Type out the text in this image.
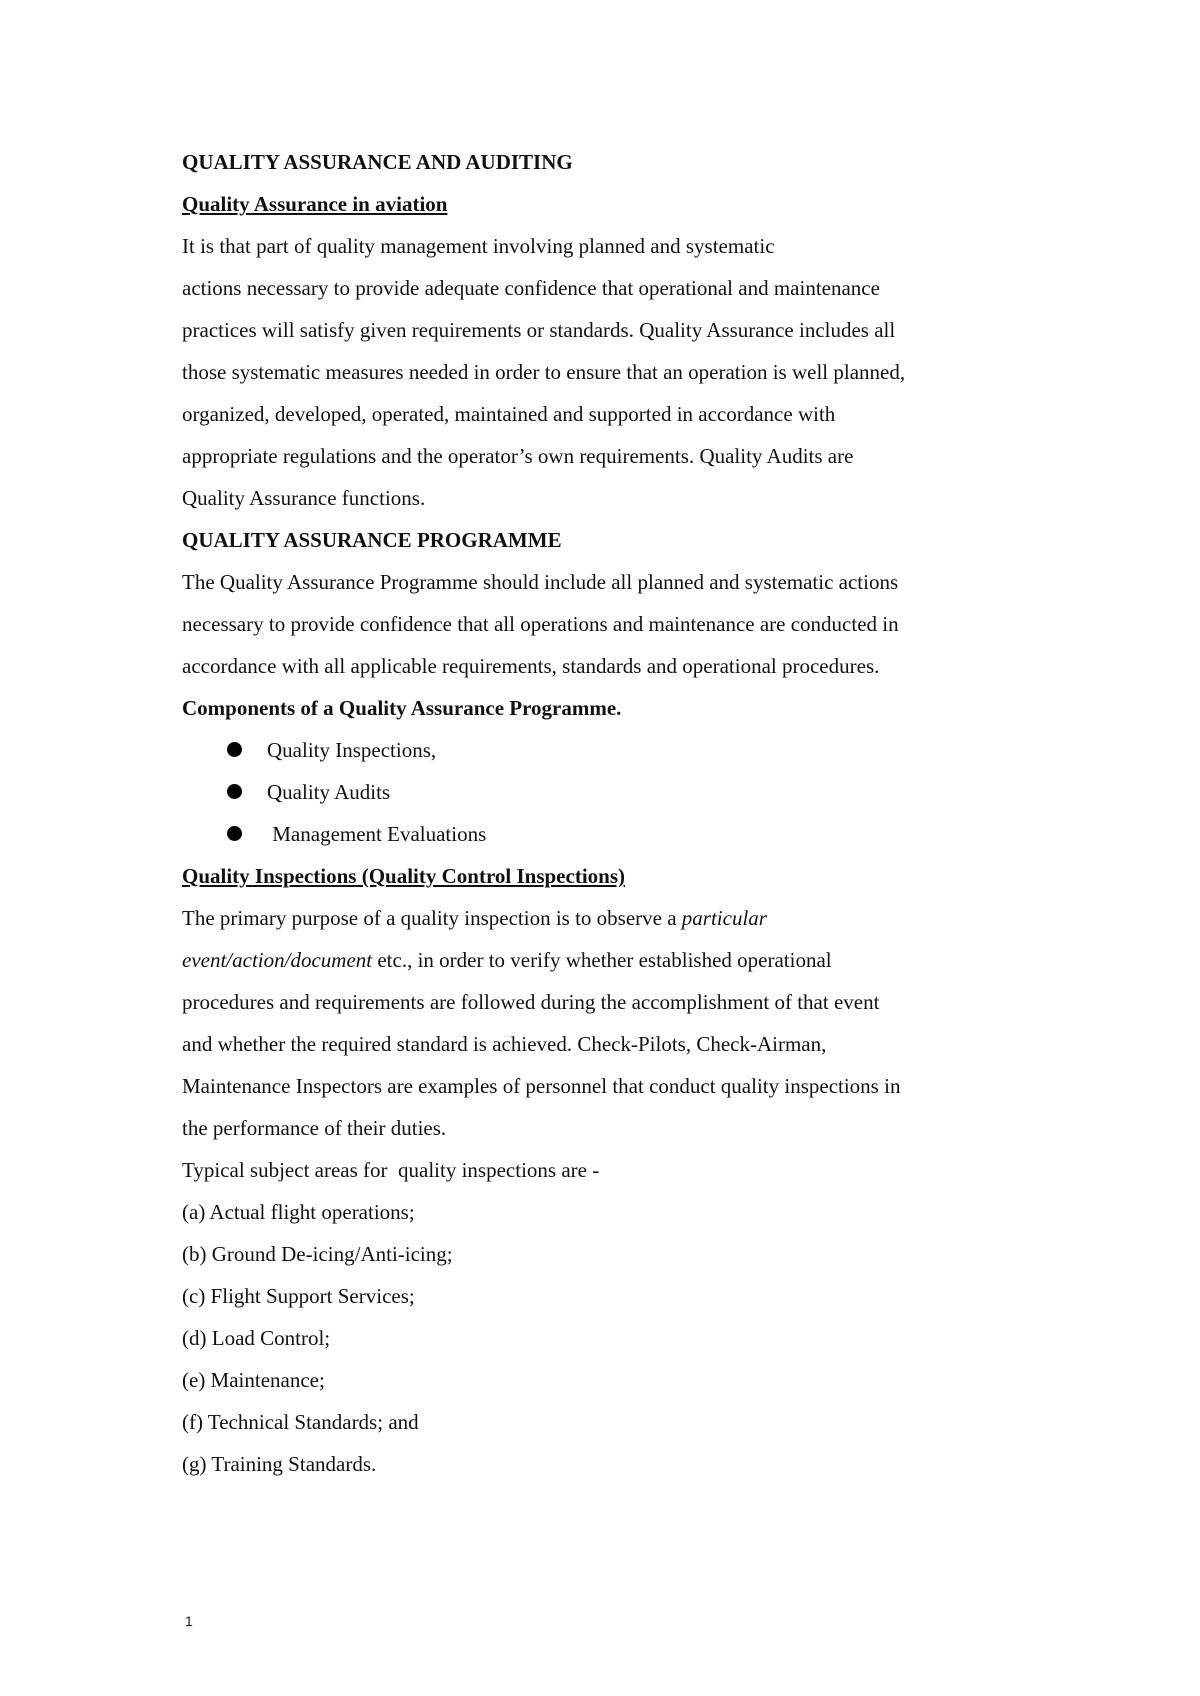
QUALITY ASSURANCE AND AUDITING
Quality Assurance in aviation
It is that part of quality management involving planned and systematic
actions necessary to provide adequate confidence that operational and maintenance
practices will satisfy given requirements or standards. Quality Assurance includes all
those systematic measures needed in order to ensure that an operation is well planned,
organized, developed, operated, maintained and supported in accordance with
appropriate regulations and the operator’s own requirements. Quality Audits are
Quality Assurance functions.
QUALITY ASSURANCE PROGRAMME
The Quality Assurance Programme should include all planned and systematic actions
necessary to provide confidence that all operations and maintenance are conducted in
accordance with all applicable requirements, standards and operational procedures.
Components of a Quality Assurance Programme.
Quality Inspections,
Quality Audits
Management Evaluations
Quality Inspections (Quality Control Inspections)
The primary purpose of a quality inspection is to observe a particular
event/action/document etc., in order to verify whether established operational
procedures and requirements are followed during the accomplishment of that event
and whether the required standard is achieved. Check-Pilots, Check-Airman,
Maintenance Inspectors are examples of personnel that conduct quality inspections in
the performance of their duties.
Typical subject areas for  quality inspections are -
(a) Actual flight operations;
(b) Ground De-icing/Anti-icing;
(c) Flight Support Services;
(d) Load Control;
(e) Maintenance;
(f) Technical Standards; and
(g) Training Standards.
1
